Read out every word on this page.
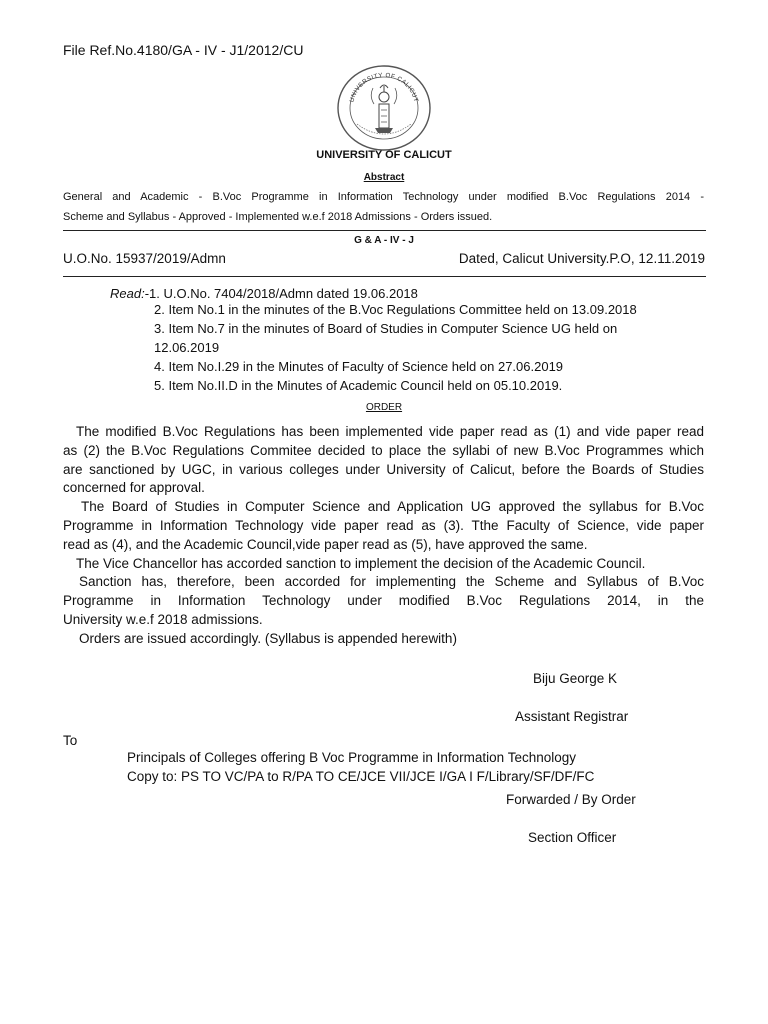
File Ref.No.4180/GA - IV - J1/2012/CU
UNIVERSITY OF CALICUT
UNIVERSITY OF CALICUT
Abstract
General and Academic - B.Voc Programme in Information Technology under modified B.Voc Regulations 2014 -
Scheme and Syllabus - Approved - Implemented w.e.f 2018 Admissions - Orders issued.
G & A - IV - J
U.O.No. 15937/2019/Admn	Dated, Calicut University.P.O, 12.11.2019
Read:-1. U.O.No. 7404/2018/Admn dated 19.06.2018
2. Item No.1 in the minutes of the B.Voc Regulations Committee held on 13.09.2018
3. Item No.7 in the minutes of Board of Studies in Computer Science UG held on
12.06.2019
4. Item No.I.29 in the Minutes of Faculty of Science held on 27.06.2019
5. Item No.II.D in the Minutes of Academic Council held on 05.10.2019.
ORDER
The modified B.Voc Regulations has been implemented vide paper read as (1) and vide paper read
as (2) the B.Voc Regulations Commitee decided to place the syllabi of new B.Voc Programmes which
are sanctioned by UGC, in various colleges under University of Calicut, before the Boards of Studies
concerned for approval.
The Board of Studies in Computer Science and Application UG approved the syllabus for B.Voc
Programme in Information Technology vide paper read as (3). Tthe Faculty of Science, vide paper
read as (4), and the Academic Council,vide paper read as (5), have approved the same.
The Vice Chancellor has accorded sanction to implement the decision of the Academic Council.
Sanction has, therefore, been accorded for implementing the Scheme and Syllabus of B.Voc
Programme in Information Technology under modified B.Voc Regulations 2014, in the
University w.e.f 2018 admissions.
Orders are issued accordingly. (Syllabus is appended herewith)
Biju George K
Assistant Registrar
To
Principals of Colleges offering B Voc Programme in Information Technology
Copy to: PS TO VC/PA to R/PA TO CE/JCE VII/JCE I/GA I F/Library/SF/DF/FC
Forwarded / By Order
Section Officer
